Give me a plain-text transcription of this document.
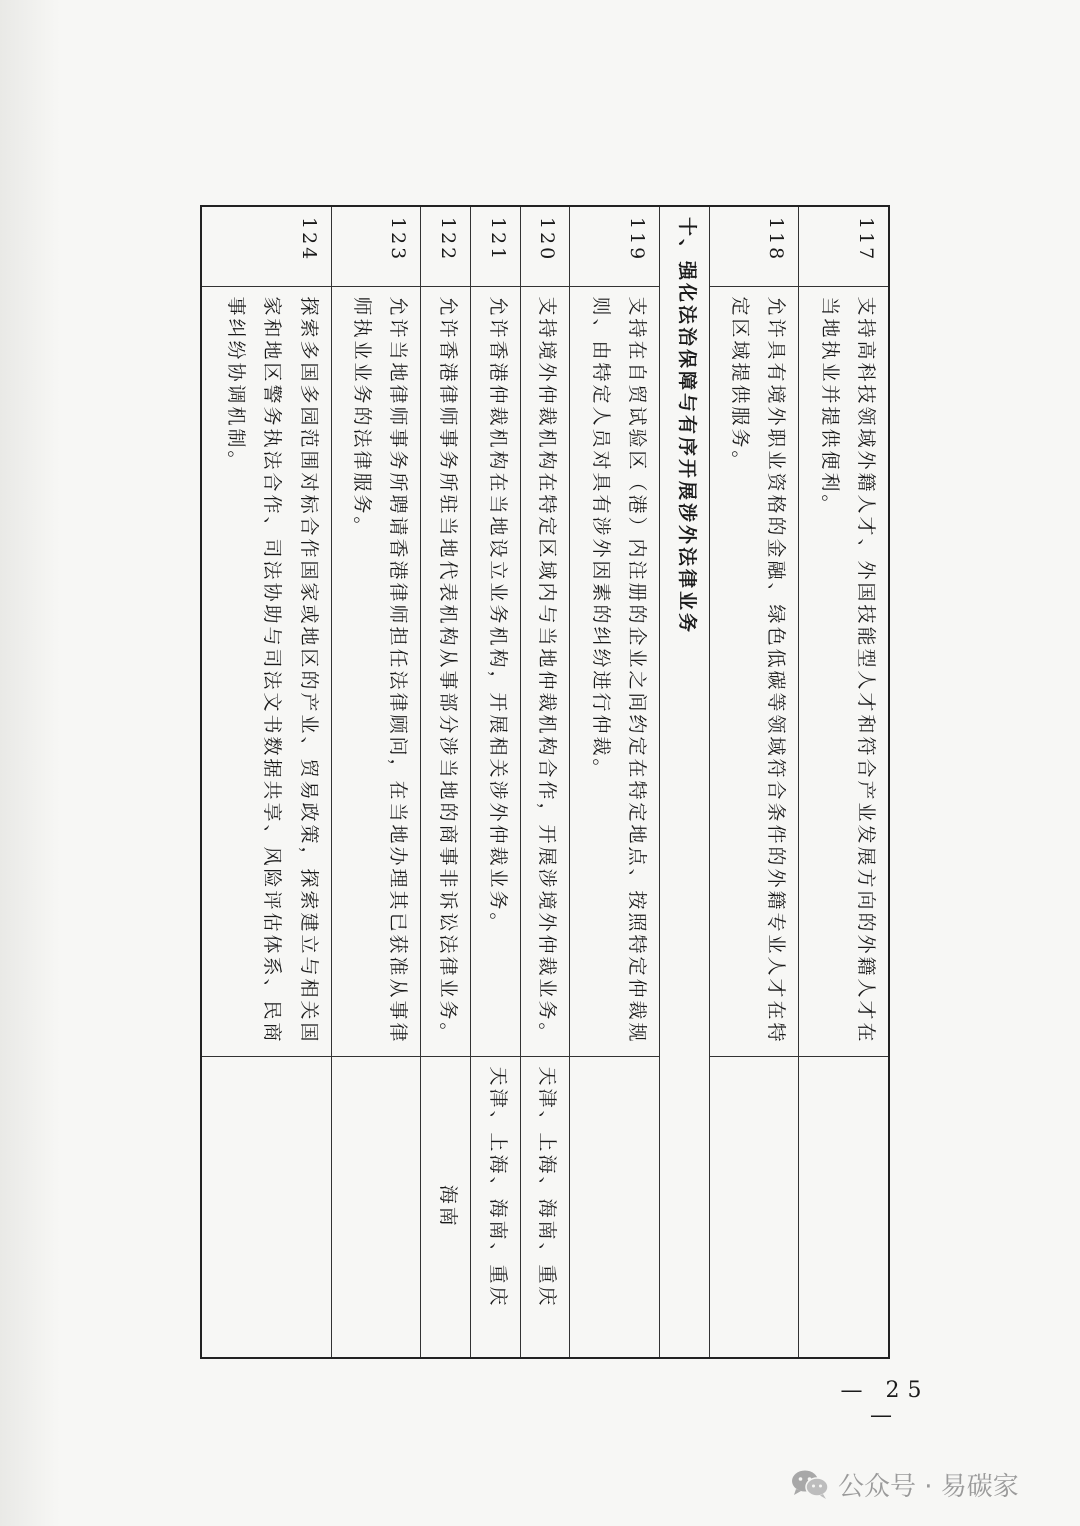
117	支持高科技领域外籍人才、外国技能型人才和符合产业发展方向的外籍人才在当地执业并提供便利。	
118	允许具有境外职业资格的金融、绿色低碳等领域符合条件的外籍专业人才在特定区域提供服务。	
十、强化法治保障与有序开展涉外法律业务		
119	支持在自贸试验区（港）内注册的企业之间约定在特定地点、按照特定仲裁规则、由特定人员对具有涉外因素的纠纷进行仲裁。	
120	支持境外仲裁机构在特定区域内与当地仲裁机构合作，开展涉境外仲裁业务。	天津、上海、海南、重庆
121	允许香港仲裁机构在当地设立业务机构，开展相关涉外仲裁业务。	天津、上海、海南、重庆
122	允许香港律师事务所驻当地代表机构从事部分涉当地的商事非诉讼法律业务。	海南
123	允许当地律师事务所聘请香港律师担任法律顾问，在当地办理其已获准从事律师执业业务的法律服务。	
124	探索多国多园范围对标合作国家或地区的产业、贸易政策，探索建立与相关国家和地区警务执法合作、司法协助与司法文书数据共享、风险评估体系、民商事纠纷协调机制。	
— 25 —
公众号 · 易碳家
